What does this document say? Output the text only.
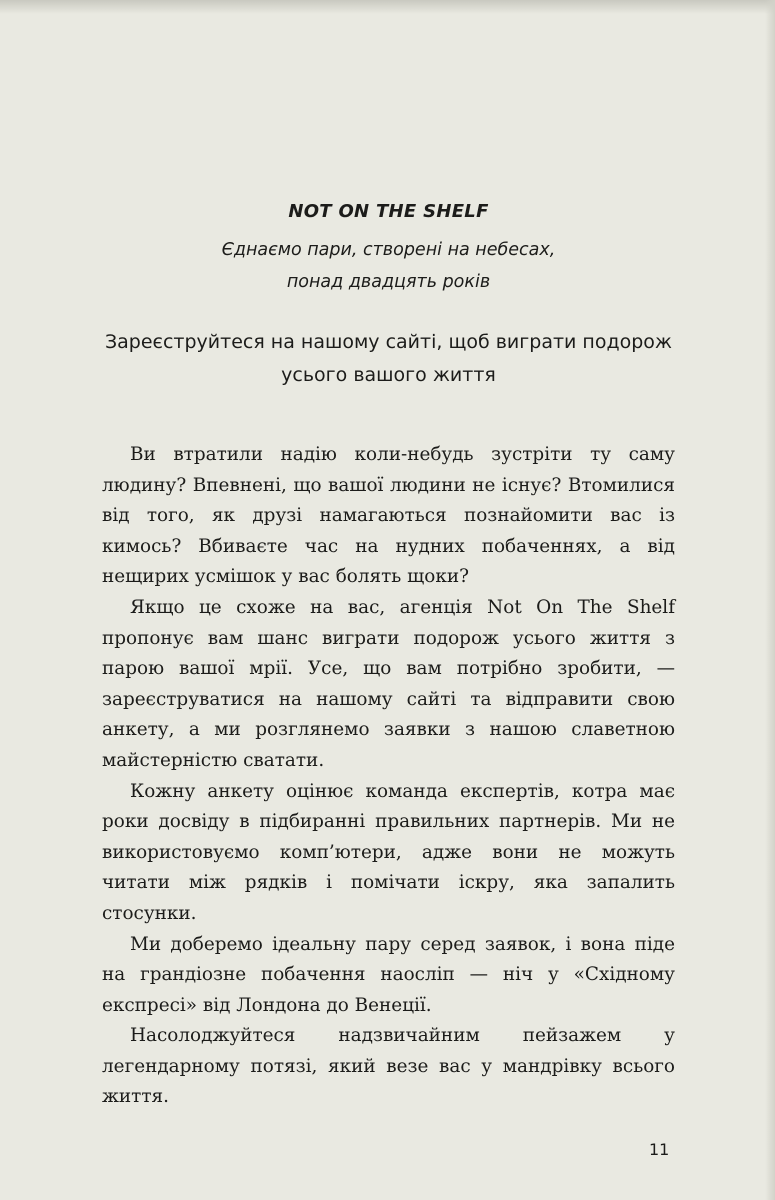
NOT ON THE SHELF
Єднаємо пари, створені на небесах,
понад двадцять років
Зареєструйтеся на нашому сайті, щоб виграти подорож
усього вашого життя

Ви втратили надію коли-небудь зустріти ту саму людину? Впевнені, що вашої людини не існує? Втомилися від того, як друзі намагаються познайомити вас із кимось? Вбиваєте час на нудних побаченнях, а від нещирих усмішок у вас болять щоки?

Якщо це схоже на вас, агенція Not On The Shelf пропонує вам шанс виграти подорож усього життя з парою вашої мрії. Усе, що вам потрібно зробити, — зареєструватися на нашому сайті та відправити свою анкету, а ми розглянемо заявки з нашою славетною майстерністю сватати.

Кожну анкету оцінює команда експертів, котра має роки досвіду в підбиранні правильних партнерів. Ми не використовуємо комп’ютери, адже вони не можуть читати між рядків і помічати іскру, яка запалить стосунки.

Ми доберемо ідеальну пару серед заявок, і вона піде на грандіозне побачення наосліп — ніч у «Східному експресі» від Лондона до Венеції.

Насолоджуйтеся надзвичайним пейзажем у легендарному потязі, який везе вас у мандрівку всього життя.

11
